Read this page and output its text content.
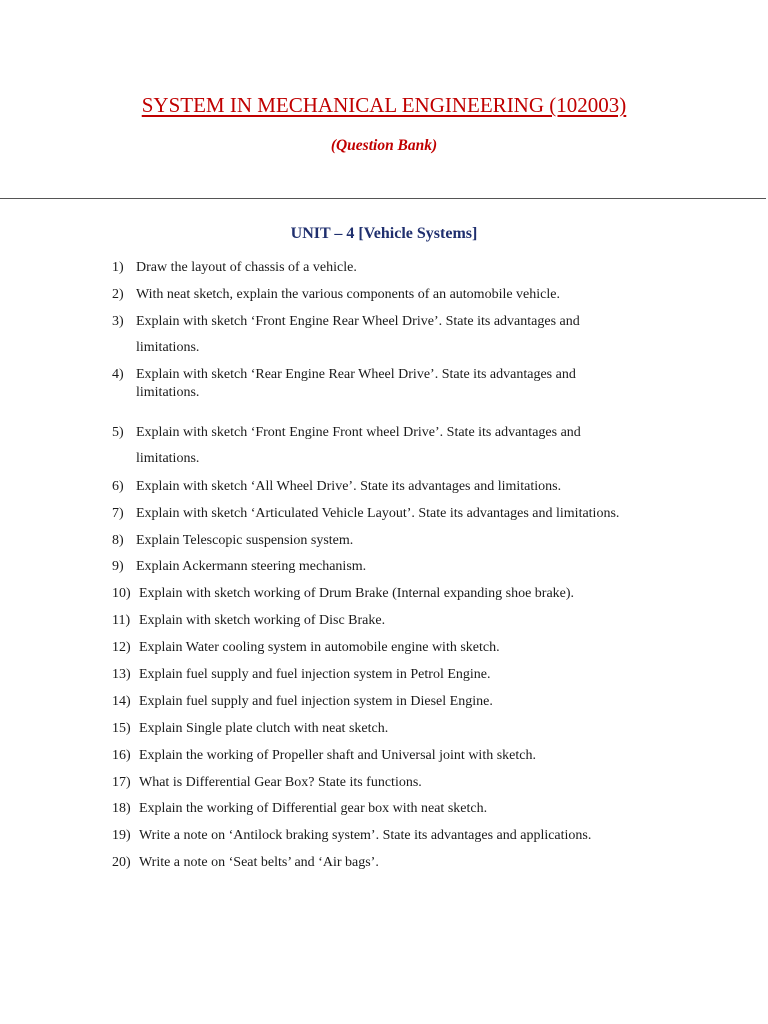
SYSTEM IN MECHANICAL ENGINEERING (102003)
(Question Bank)
UNIT – 4 [Vehicle Systems]
1) Draw the layout of chassis of a vehicle.
2) With neat sketch, explain the various components of an automobile vehicle.
3) Explain with sketch ‘Front Engine Rear Wheel Drive’. State its advantages and
limitations.
4) Explain with sketch ‘Rear Engine Rear Wheel Drive’. State its advantages and
limitations.
5) Explain with sketch ‘Front Engine Front wheel Drive’. State its advantages and
limitations.
6) Explain with sketch ‘All Wheel Drive’. State its advantages and limitations.
7) Explain with sketch ‘Articulated Vehicle Layout’. State its advantages and limitations.
8) Explain Telescopic suspension system.
9) Explain Ackermann steering mechanism.
10) Explain with sketch working of Drum Brake (Internal expanding shoe brake).
11) Explain with sketch working of Disc Brake.
12) Explain Water cooling system in automobile engine with sketch.
13) Explain fuel supply and fuel injection system in Petrol Engine.
14) Explain fuel supply and fuel injection system in Diesel Engine.
15) Explain Single plate clutch with neat sketch.
16) Explain the working of Propeller shaft and Universal joint with sketch.
17) What is Differential Gear Box? State its functions.
18) Explain the working of Differential gear box with neat sketch.
19) Write a note on ‘Antilock braking system’. State its advantages and applications.
20) Write a note on ‘Seat belts’ and ‘Air bags’.
